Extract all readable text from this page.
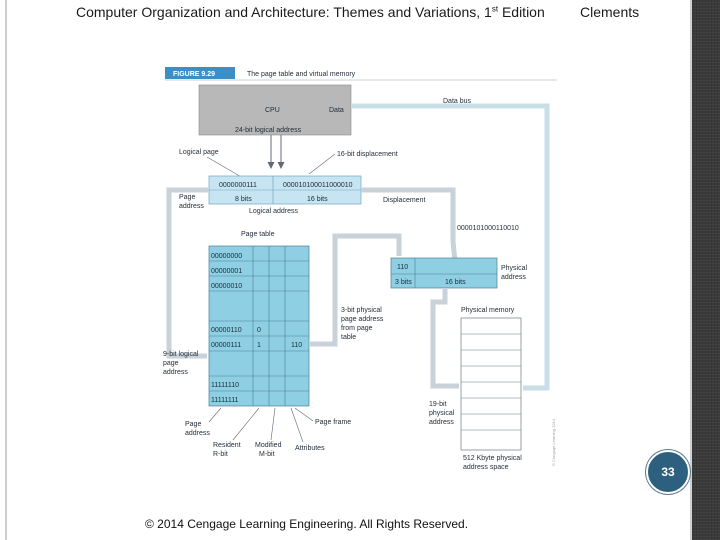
Computer Organization and Architecture: Themes and Variations, 1st Edition	Clements
FIGURE 9.29	The page table and virtual memory
CPU	Data
24-bit logical address
Data bus
Logical page	16-bit displacement
0000000111	000010100011000010
8 bits	16 bits
Page
address
Logical address
Displacement
0000101000110010
Page table
00000000
00000001
00000010
00000110 0
00000111 1	110
11111110
11111111
110
3 bits	16 bits
Physical
address
3-bit physical
page address
from page
table
9-bit logical
page
address
Physical memory
19-bit
physical
address
Page
address
Page frame
Resident
R-bit
Modified
M-bit
Attributes
512 Kbyte physical
address space
© Cengage Learning 2014
33
© 2014 Cengage Learning Engineering. All Rights Reserved.
